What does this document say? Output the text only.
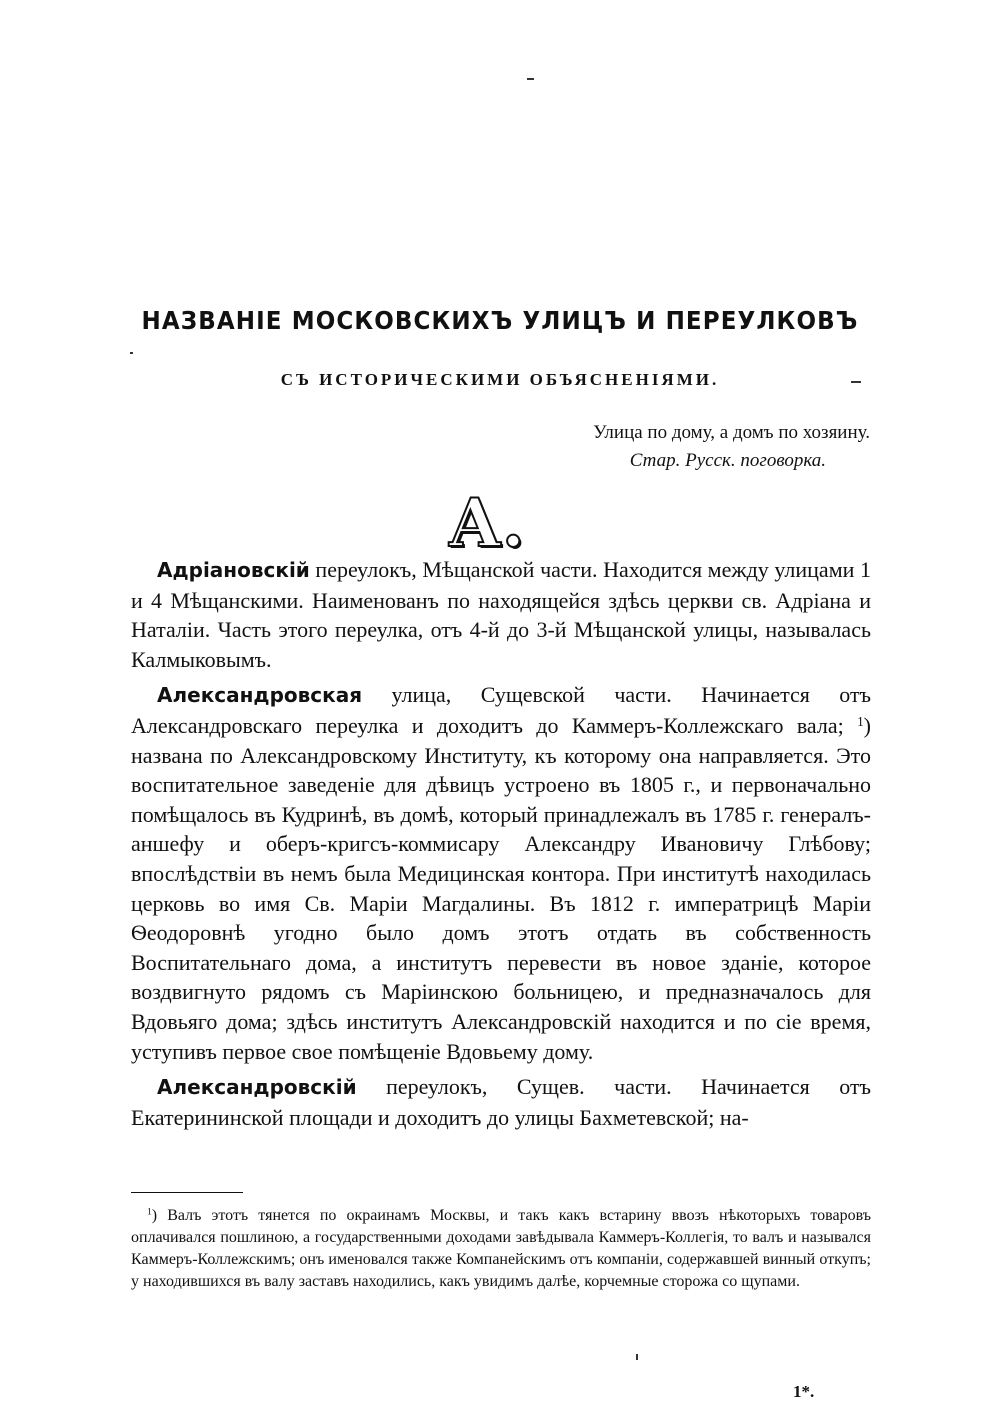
НАЗВАНІЕ МОСКОВСКИХЪ УЛИЦЪ И ПЕРЕУЛКОВЪ
СЪ ИСТОРИЧЕСКИМИ ОБЪЯСНЕНІЯМИ.
Улица по дому, а домъ по хозяину.
Стар. Русск. поговорка.
А.

Адріановскій переулокъ, Мѣщанской части. Находится между улицами 1 и 4 Мѣщанскими. Наименованъ по находящейся здѣсь церкви св. Адріана и Наталіи. Часть этого переулка, отъ 4-й до 3-й Мѣщанской улицы, называлась Калмыковымъ.

Александровская улица, Сущевской части. Начинается отъ Александровскаго переулка и доходитъ до Каммеръ-Коллежскаго вала; $^1$) названа по Александровскому Институту, къ которому она направляется. Это воспитательное заведеніе для дѣвицъ устроено въ 1805 г., и первоначально помѣщалось въ Кудринѣ, въ домѣ, который принадлежалъ въ 1785 г. генералъ-аншефу и оберъ-кригсъ-коммисару Александру Ивановичу Глѣбову; впослѣдствіи въ немъ была Медицинская контора. При институтѣ находилась церковь во имя Св. Маріи Магдалины. Въ 1812 г. императрицѣ Маріи Ѳеодоровнѣ угодно было домъ этотъ отдать въ собственность Воспитательнаго дома, а институтъ перевести въ новое зданіе, которое воздвигнуто рядомъ съ Маріинскою больницею, и предназначалось для Вдовьяго дома; здѣсь институтъ Александровскій находится и по сіе время, уступивъ первое свое помѣщеніе Вдовьему дому.

Александровскій переулокъ, Сущев. части. Начинается отъ Екатерининской площади и доходитъ до улицы Бахметевской; на-

$^1$) Валъ этотъ тянется по окраинамъ Москвы, и такъ какъ встарину ввозъ нѣкоторыхъ товаровъ оплачивался пошлиною, а государственными доходами завѣдывала Каммеръ-Коллегія, то валъ и назывался Каммеръ-Коллежскимъ; онъ именовался также Компанейскимъ отъ компаніи, содержавшей винный откупъ; у находившихся въ валу заставъ находились, какъ увидимъ далѣе, корчемные сторожа со щупами.

1*.
